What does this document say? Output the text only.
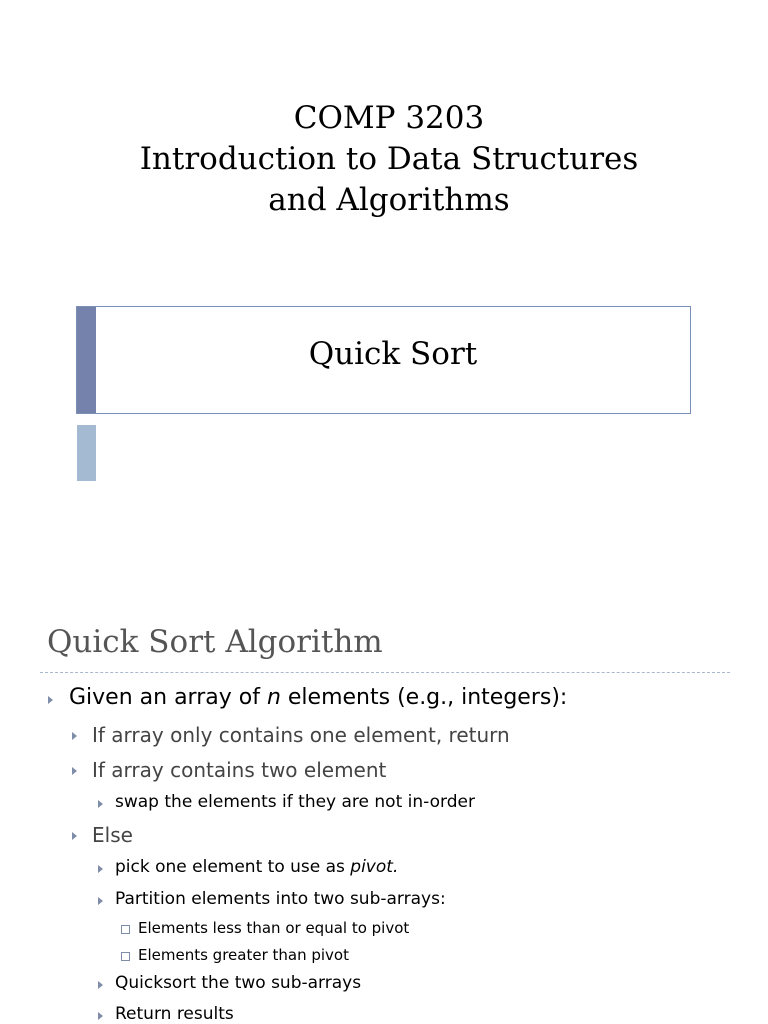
COMP 3203
Introduction to Data Structures
and Algorithms
Quick Sort
Quick Sort Algorithm
Given an array of n elements (e.g., integers):
If array only contains one element, return
If array contains two element
swap the elements if they are not in-order
Else
pick one element to use as pivot.
Partition elements into two sub-arrays:
Elements less than or equal to pivot
Elements greater than pivot
Quicksort the two sub-arrays
Return results
